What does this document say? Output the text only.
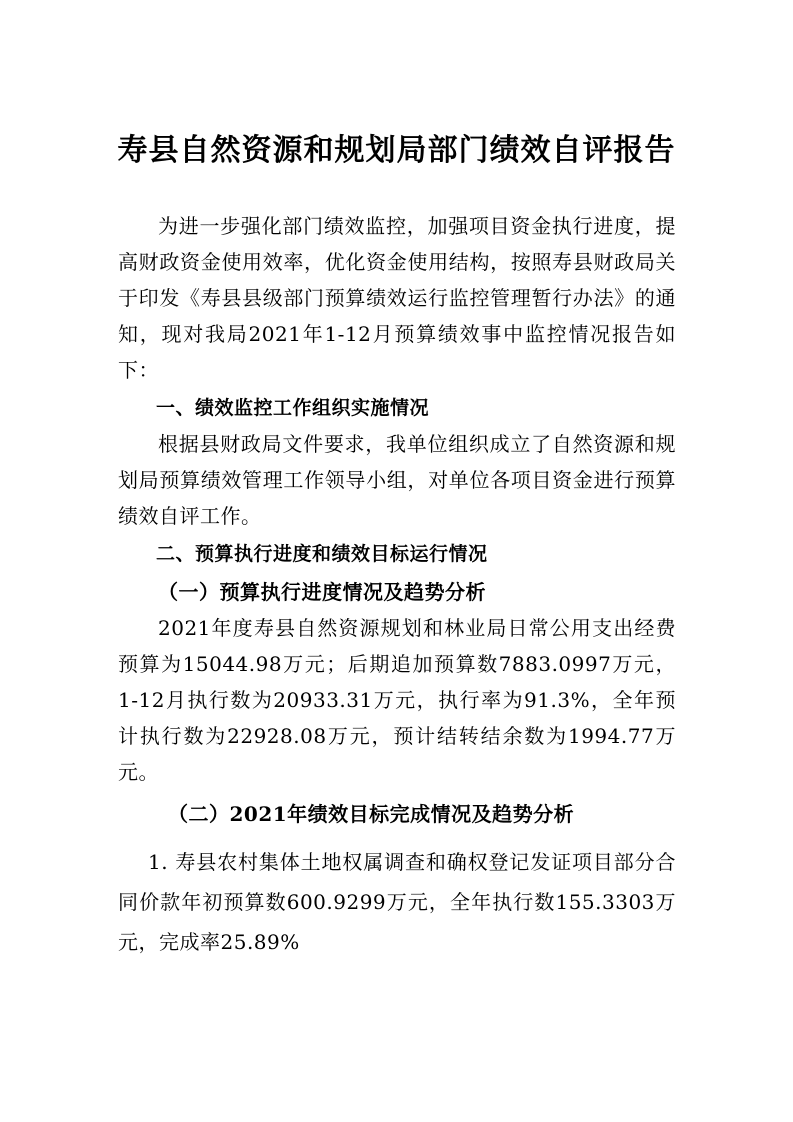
寿县自然资源和规划局部门绩效自评报告

为进一步强化部门绩效监控，加强项目资金执行进度，提高财政资金使用效率，优化资金使用结构，按照寿县财政局关于印发《寿县县级部门预算绩效运行监控管理暂行办法》的通知，现对我局2021年1-12月预算绩效事中监控情况报告如下：

一、绩效监控工作组织实施情况

根据县财政局文件要求，我单位组织成立了自然资源和规划局预算绩效管理工作领导小组，对单位各项目资金进行预算绩效自评工作。

二、预算执行进度和绩效目标运行情况

（一）预算执行进度情况及趋势分析

2021年度寿县自然资源规划和林业局日常公用支出经费预算为15044.98万元；后期追加预算数7883.0997万元，1-12月执行数为20933.31万元，执行率为91.3%，全年预计执行数为22928.08万元，预计结转结余数为1994.77万元。

（二）2021年绩效目标完成情况及趋势分析

1. 寿县农村集体土地权属调查和确权登记发证项目部分合同价款年初预算数600.9299万元，全年执行数155.3303万元，完成率25.89%
